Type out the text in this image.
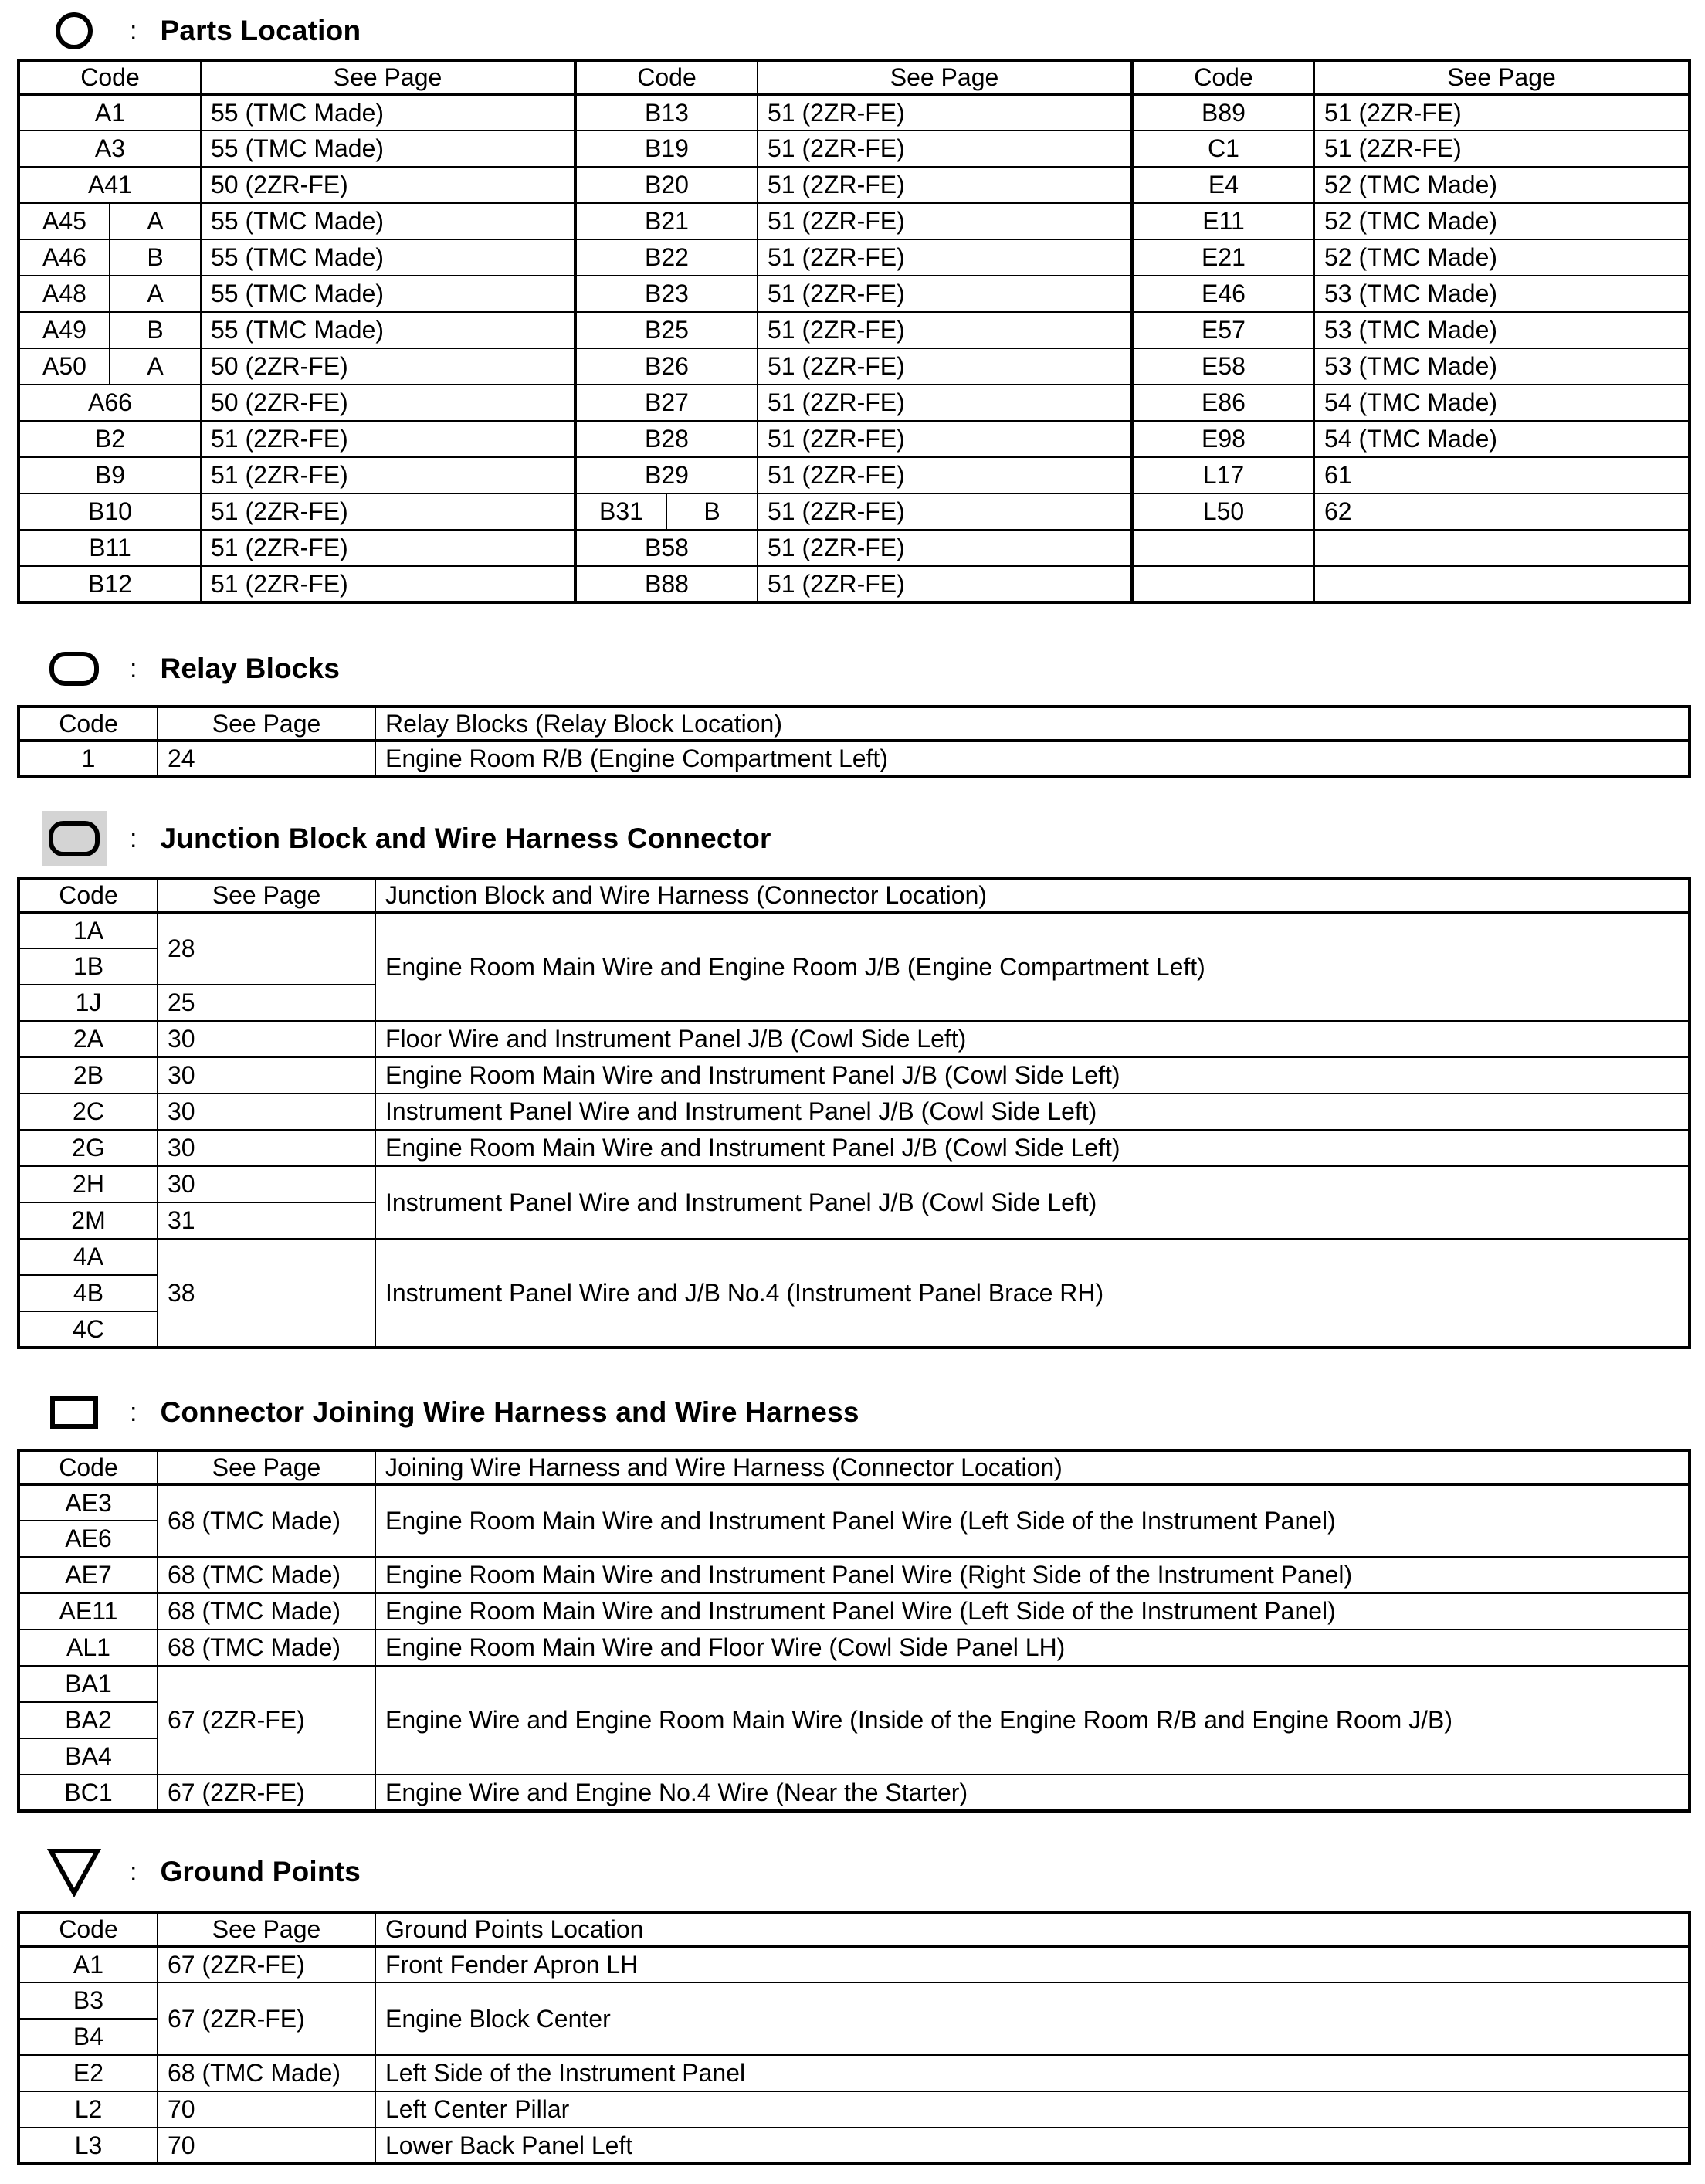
: Parts Location
Code		See Page	Code		See Page	Code	See Page
A1		55 (TMC Made)	B13		51 (2ZR-FE)	B89	51 (2ZR-FE)
A3		55 (TMC Made)	B19		51 (2ZR-FE)	C1	51 (2ZR-FE)
A41		50 (2ZR-FE)	B20		51 (2ZR-FE)	E4	52 (TMC Made)
A45	A	55 (TMC Made)	B21		51 (2ZR-FE)	E11	52 (TMC Made)
A46	B	55 (TMC Made)	B22		51 (2ZR-FE)	E21	52 (TMC Made)
A48	A	55 (TMC Made)	B23		51 (2ZR-FE)	E46	53 (TMC Made)
A49	B	55 (TMC Made)	B25		51 (2ZR-FE)	E57	53 (TMC Made)
A50	A	50 (2ZR-FE)	B26		51 (2ZR-FE)	E58	53 (TMC Made)
A66		50 (2ZR-FE)	B27		51 (2ZR-FE)	E86	54 (TMC Made)
B2		51 (2ZR-FE)	B28		51 (2ZR-FE)	E98	54 (TMC Made)
B9		51 (2ZR-FE)	B29		51 (2ZR-FE)	L17	61
B10		51 (2ZR-FE)	B31	B	51 (2ZR-FE)	L50	62
B11		51 (2ZR-FE)	B58		51 (2ZR-FE)		
B12		51 (2ZR-FE)	B88		51 (2ZR-FE)		
: Relay Blocks
Code	See Page	Relay Blocks (Relay Block Location)
1	24	Engine Room R/B (Engine Compartment Left)
: Junction Block and Wire Harness Connector
Code	See Page	Junction Block and Wire Harness (Connector Location)
1A	28	Engine Room Main Wire and Engine Room J/B (Engine Compartment Left)
1B		
1J	25	
2A	30	Floor Wire and Instrument Panel J/B (Cowl Side Left)
2B	30	Engine Room Main Wire and Instrument Panel J/B (Cowl Side Left)
2C	30	Instrument Panel Wire and Instrument Panel J/B (Cowl Side Left)
2G	30	Engine Room Main Wire and Instrument Panel J/B (Cowl Side Left)
2H	30	Instrument Panel Wire and Instrument Panel J/B (Cowl Side Left)
2M	31	
4A	38	Instrument Panel Wire and J/B No.4 (Instrument Panel Brace RH)
4B		
4C		
: Connector Joining Wire Harness and Wire Harness
Code	See Page	Joining Wire Harness and Wire Harness (Connector Location)
AE3	68 (TMC Made)	Engine Room Main Wire and Instrument Panel Wire (Left Side of the Instrument Panel)
AE6		
AE7	68 (TMC Made)	Engine Room Main Wire and Instrument Panel Wire (Right Side of the Instrument Panel)
AE11	68 (TMC Made)	Engine Room Main Wire and Instrument Panel Wire (Left Side of the Instrument Panel)
AL1	68 (TMC Made)	Engine Room Main Wire and Floor Wire (Cowl Side Panel LH)
BA1	67 (2ZR-FE)	Engine Wire and Engine Room Main Wire (Inside of the Engine Room R/B and Engine Room J/B)
BA2		
BA4		
BC1	67 (2ZR-FE)	Engine Wire and Engine No.4 Wire (Near the Starter)
: Ground Points
Code	See Page	Ground Points Location
A1	67 (2ZR-FE)	Front Fender Apron LH
B3	67 (2ZR-FE)	Engine Block Center
B4		
E2	68 (TMC Made)	Left Side of the Instrument Panel
L2	70	Left Center Pillar
L3	70	Lower Back Panel Left
